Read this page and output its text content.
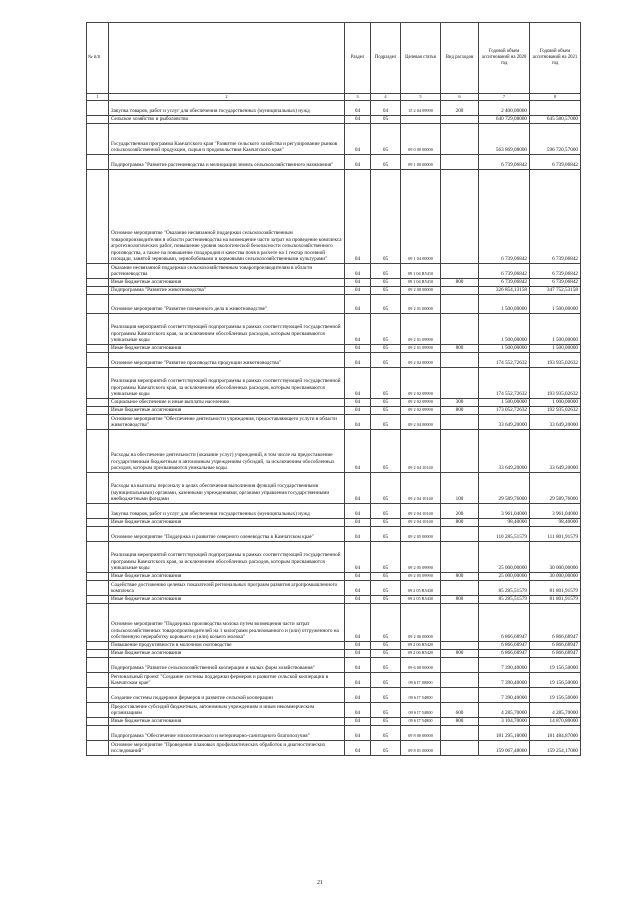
№ п/п		Раздел	Подраздел	Целевая статья	Вид расходов	Годовой объем ассигнований на 2020 год	Годовой объем ассигнований на 2021 год
1	2	3	4	5	6	7	8
	Закупка товаров, работ и услуг для обеспечения государственных (муниципальных) нужд	04	04	15 2 04 09990	200	2 400,00000	
	Сельское хозяйство и рыболовство	04	05			640 729,08000	645 580,57000
	Государственная программа Камчатского края "Развитие сельского хозяйства и регулирование рынков сельскохозяйственной продукции, сырья и продовольствия Камчатского края"	04	05	09 0 00 00000		563 869,08000	596 720,57000
	Подпрограмма "Развитие растениеводства и мелиорации земель сельскохозяйственного назначения"	04	05	09 1 00 00000		6 739,06842	6 739,06842
	Основное мероприятие "Оказание несвязанной поддержки сельскохозяйственным товаропроизводителям в области растениеводства на возмещение части затрат на проведение комплекса агротехнологических работ, повышение уровня экологической безопасности сельскохозяйственного производства, а также на повышение плодородия и качества почв в расчете на 1 гектар посевной площади, занятой зерновыми, зернобобовыми и кормовыми сельскохозяйственными культурами"	04	05	09 1 04 00000		6 739,06842	6 739,06842
	Оказание несвязанной поддержки сельскохозяйственным товаропроизводителям в области растениеводства	04	05	09 1 04 R5410		6 739,06842	6 739,06842
	Иные бюджетные ассигнования	04	05	09 1 04 R5410	800	6 739,06842	6 739,06842
	Подпрограмма "Развитие животноводства"	04	05	09 2 00 00000		326 854,13158	347 752,53158
	Основное мероприятие "Развитие племенного дела в животноводстве"	04	05	09 2 01 00000		1 500,00000	1 500,00000
	Реализация мероприятий соответствующей подпрограммы в рамках соответствующей государственной программы Камчатского края, за исключением обособленных расходов, которым присваиваются уникальные коды	04	05	09 2 01 09990		1 500,00000	1 500,00000
	Иные бюджетные ассигнования	04	05	09 2 01 09990	800	1 500,00000	1 500,00000
	Основное мероприятие "Развитие производства продукции животноводства"	04	05	09 2 02 00000		174 552,72632	193 935,02632
	Реализация мероприятий соответствующей подпрограммы в рамках соответствующей государственной программы Камчатского края, за исключением обособленных расходов, которым присваиваются уникальные коды	04	05	09 2 02 09990		174 552,72632	193 935,02632
	Социальное обеспечение и иные выплаты населению	04	05	09 2 02 09990	300	1 500,00000	1 000,00000
	Иные бюджетные ассигнования	04	05	09 2 02 09990	800	173 052,72632	192 935,02632
	Основное мероприятие "Обеспечение деятельности учреждения, предоставляющего услуги в области животноводства"	04	05	09 2 04 00000		33 649,20000	33 649,20000
	Расходы на обеспечение деятельности (оказание услуг) учреждений, в том числе на предоставление государственным бюджетным и автономным учреждениям субсидий, за исключением обособленных расходов, которым присваиваются уникальные коды	04	05	09 2 04 10140		33 649,20000	33 649,20000
	Расходы на выплаты персоналу в целях обеспечения выполнения функций государственными (муниципальными) органами, казенными учреждениями, органами управления государственными внебюджетными фондами	04	05	09 2 04 10140	100	29 589,76000	29 589,76000
	Закупка товаров, работ и услуг для обеспечения государственных (муниципальных) нужд	04	05	09 2 04 10140	200	3 961,04000	3 961,04000
	Иные бюджетные ассигнования	04	05	09 2 04 10140	800	98,40000	98,40000
	Основное мероприятие "Поддержка и развитие северного оленеводства в Камчатском крае"	04	05	09 2 05 00000		110 285,51579	111 801,91579
	Реализация мероприятий соответствующей подпрограммы в рамках соответствующей государственной программы Камчатского края, за исключением обособленных расходов, которым присваиваются уникальные коды	04	05	09 2 05 09990		25 000,00000	30 000,00000
	Иные бюджетные ассигнования	04	05	09 2 05 09990	800	25 000,00000	30 000,00000
	Содействие достижению целевых показателей региональных программ развития агропромышленного комплекса	04	05	09 2 05 R5430		85 285,51579	81 801,91579
	Иные бюджетные ассигнования	04	05	09 2 05 R5430	800	85 285,51579	81 801,91579
	Основное мероприятие "Поддержка производства молока путем возмещения части затрат сельскохозяйственных товаропроизводителей на 1 килограмм реализованного и (или) отгруженного на собственную переработку коровьего и (или) козьего молока"	04	05	09 2 06 00000		6 866,68947	6 866,68947
	Повышение продуктивности в молочном скотоводстве	04	05	09 2 06 R5420		6 866,68947	6 866,68947
	Иные бюджетные ассигнования	04	05	09 2 06 R5420	800	6 866,68947	6 866,68947
	Подпрограмма "Развитие сельскохозяйственной кооперации и малых форм хозяйствования"	04	05	09 6 00 00000		7 390,40000	19 156,50000
	Региональный проект "Создание системы поддержки фермеров и развитие сельской кооперации в Камчатском крае"	04	05	09 6 I7 00000		7 390,40000	19 156,50000
	Создание системы поддержки фермеров и развитие сельской кооперации	04	05	09 6 I7 54800		7 390,40000	19 156,50000
	Предоставление субсидий бюджетным, автономным учреждениям и иным некоммерческим организациям	04	05	09 6 I7 54800	600	4 285,70000	4 285,70000
	Иные бюджетные ассигнования	04	05	09 6 I7 54800	800	3 104,70000	14 870,80000
	Подпрограмма "Обеспечение эпизоотического и ветеринарно-санитарного благополучия"	04	05	09 8 00 00000		181 295,18000	181 484,87000
	Основное мероприятие "Проведение плановых профилактических обработок и диагностических исследований"	04	05	09 8 01 00000		159 067,48000	159 254,17000
21
